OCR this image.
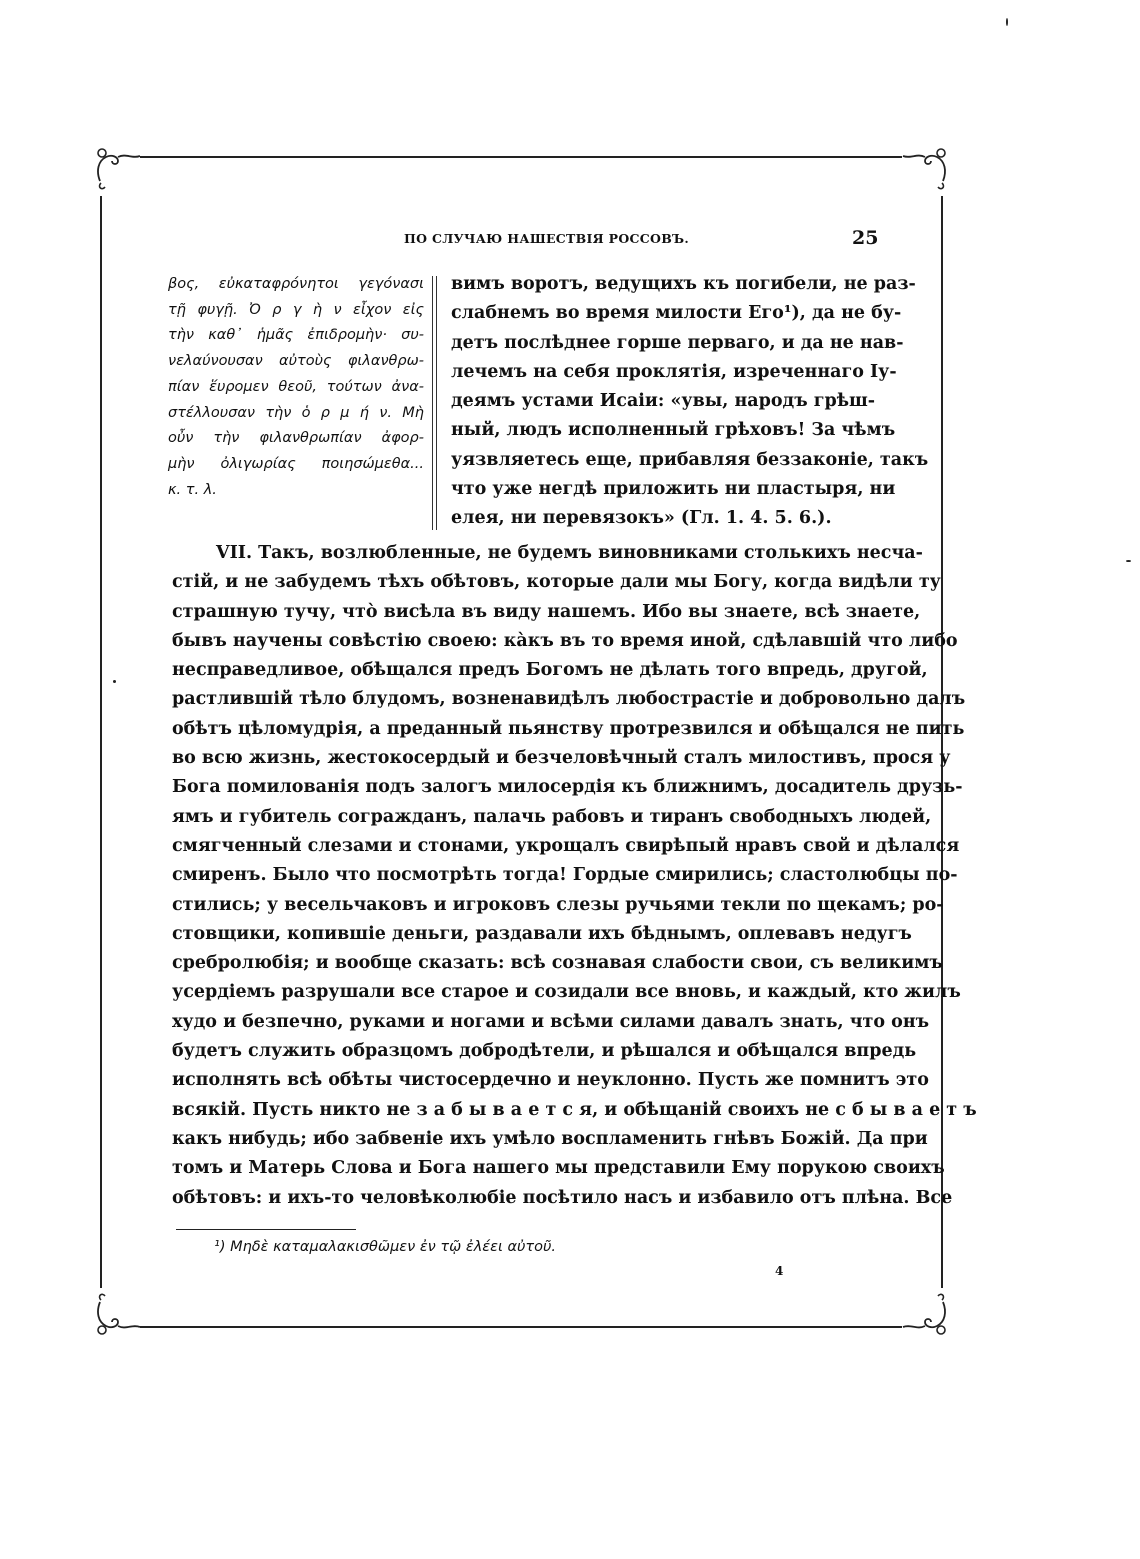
ПО СЛУЧАЮ НАШЕСТВІЯ РОССОВЪ.	25
βος, εὐκαταφρόνητοι γεγόνασι
τῇ φυγῇ. Ὀ ρ γ ὴ ν εἶχον εἰς
τὴν καθ᾽ ἡμᾶς ἐπιδρομὴν· συ-
νελαύνουσαν αὐτοὺς φιλανθρω-
πίαν ἕυρομεν θεοῦ, τούτων ἀνα-
στέλλουσαν τὴν ὁ ρ μ ή ν. Μὴ
οὖν τὴν φιλανθρωπίαν ἀφορ-
μὴν ὀλιγωρίας ποιησώμεθα...
κ. τ. λ.
вимъ воротъ, ведущихъ къ погибели, не раз-
слабнемъ во время милости Его¹), да не бу-
детъ послѣднее горше перваго, и да не нав-
лечемъ на себя проклятія, изреченнаго Іу-
деямъ устами Исаіи: «увы, народъ грѣш-
ный, людъ исполненный грѣховъ! За чѣмъ
уязвляетесь еще, прибавляя беззаконіе, такъ
что уже негдѣ приложить ни пластыря, ни
елея, ни перевязокъ» (Гл. 1. 4. 5. 6.).
VII. Такъ, возлюбленные, не будемъ виновниками столькихъ несча-
стій, и не забудемъ тѣхъ обѣтовъ, которые дали мы Богу, когда видѣли ту
страшную тучу, что̀ висѣла въ виду нашемъ. Ибо вы знаете, всѣ знаете,
бывъ научены совѣстію своею: ка̀къ въ то время иной, сдѣлавшій что либо
несправедливое, обѣщался предъ Богомъ не дѣлать того впредь, другой,
растлившій тѣло блудомъ, возненавидѣлъ любострастіе и добровольно далъ
обѣтъ цѣломудрія, а преданный пьянству протрезвился и обѣщался не пить
во всю жизнь, жестокосердый и безчеловѣчный сталъ милостивъ, прося у
Бога помилованія подъ залогъ милосердія къ ближнимъ, досадитель друзь-
ямъ и губитель согражданъ, палачь рабовъ и тиранъ свободныхъ людей,
смягченный слезами и стонами, укрощалъ свирѣпый нравъ свой и дѣлался
смиренъ. Было что посмотрѣть тогда! Гордые смирились; сластолюбцы по-
стились; у весельчаковъ и игроковъ слезы ручьями текли по щекамъ; ро-
стовщики, копившіе деньги, раздавали ихъ бѣднымъ, оплевавъ недугъ
сребролюбія; и вообще сказать: всѣ сознавая слабости свои, съ великимъ
усердіемъ разрушали все старое и созидали все вновь, и каждый, кто жилъ
худо и безпечно, руками и ногами и всѣми силами давалъ знать, что онъ
будетъ служить образцомъ добродѣтели, и рѣшался и обѣщался впредь
исполнять всѣ обѣты чистосердечно и неуклонно. Пусть же помнитъ это
всякій. Пусть никто не з а б ы в а е т с я, и обѣщаній своихъ не с б ы в а е т ъ
какъ нибудь; ибо забвеніе ихъ умѣло воспламенить гнѣвъ Божій. Да при
томъ и Матерь Слова и Бога нашего мы представили Ему порукою своихъ
обѣтовъ: и ихъ-то человѣколюбіе посѣтило насъ и избавило отъ плѣна. Все
¹) Μηδὲ καταμαλακισθῶμεν ἐν τῷ ἐλέει αὐτοῦ.
4
